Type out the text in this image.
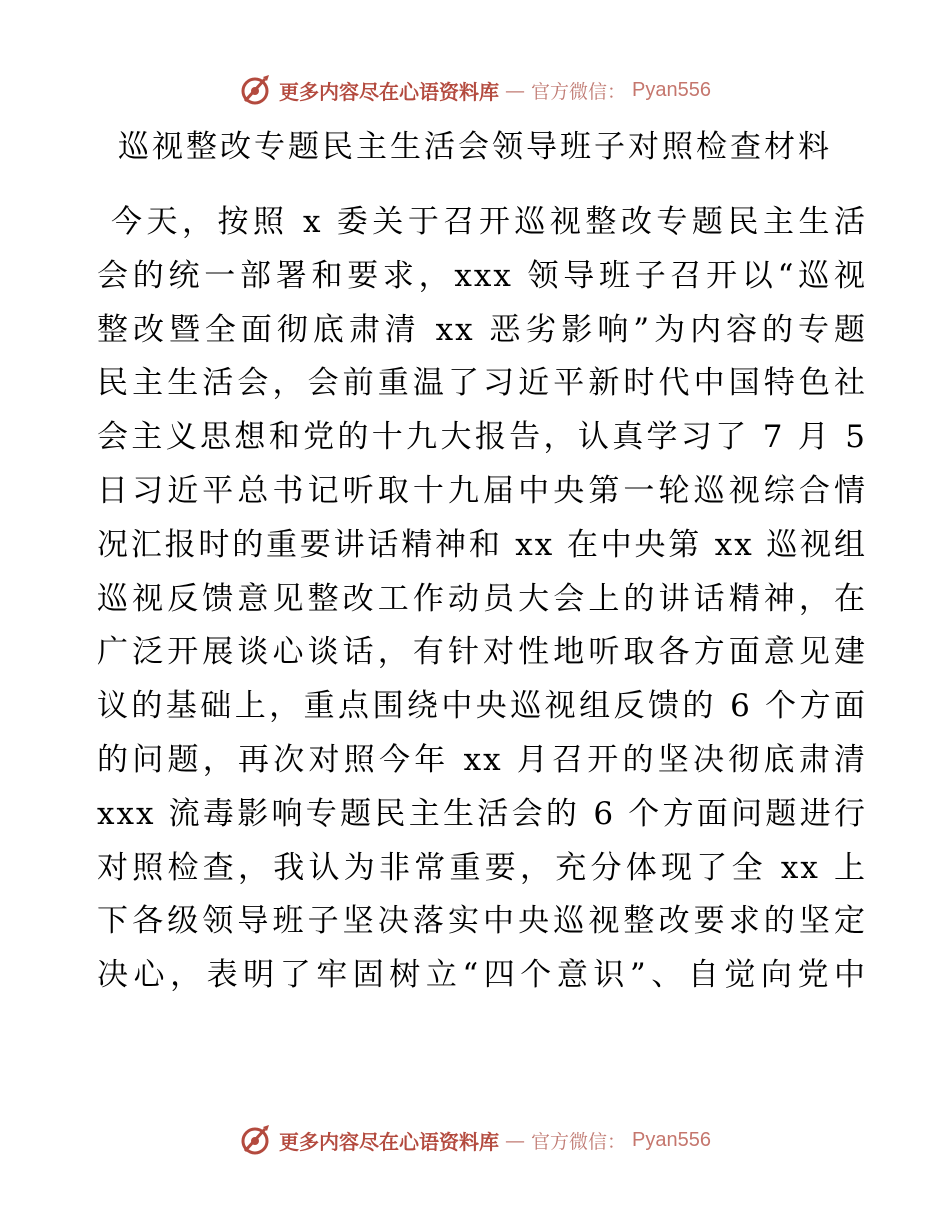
更多内容尽在心语资料库 — 官方微信： Pyan556
巡视整改专题民主生活会领导班子对照检查材料
今天，按照 x 委关于召开巡视整改专题民主生活
会的统一部署和要求，xxx 领导班子召开以“巡视
整改暨全面彻底肃清 xx 恶劣影响”为内容的专题
民主生活会，会前重温了习近平新时代中国特色社
会主义思想和党的十九大报告，认真学习了 7 月 5
日习近平总书记听取十九届中央第一轮巡视综合情
况汇报时的重要讲话精神和 xx 在中央第 xx 巡视组
巡视反馈意见整改工作动员大会上的讲话精神，在
广泛开展谈心谈话，有针对性地听取各方面意见建
议的基础上，重点围绕中央巡视组反馈的 6 个方面
的问题，再次对照今年 xx 月召开的坚决彻底肃清
xxx 流毒影响专题民主生活会的 6 个方面问题进行
对照检查，我认为非常重要，充分体现了全 xx 上
下各级领导班子坚决落实中央巡视整改要求的坚定
决心，表明了牢固树立“四个意识”、自觉向党中
更多内容尽在心语资料库 — 官方微信： Pyan556
